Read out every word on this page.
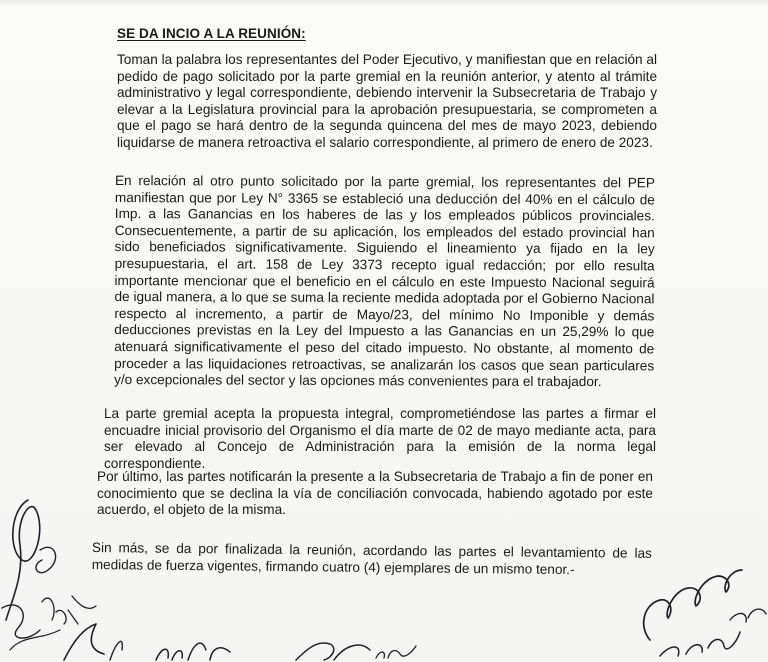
SE DA INCIO A LA REUNIÓN:

Toman la palabra los representantes del Poder Ejecutivo, y manifiestan que en relación al pedido de pago solicitado por la parte gremial en la reunión anterior, y atento al trámite administrativo y legal correspondiente, debiendo intervenir la Subsecretaria de Trabajo y elevar a la Legislatura provincial para la aprobación presupuestaria, se comprometen a que el pago se hará dentro de la segunda quincena del mes de mayo 2023, debiendo liquidarse de manera retroactiva el salario correspondiente, al primero de enero de 2023.

En relación al otro punto solicitado por la parte gremial, los representantes del PEP manifiestan que por Ley N° 3365 se estableció una deducción del 40% en el cálculo de Imp. a las Ganancias en los haberes de las y los empleados públicos provinciales. Consecuentemente, a partir de su aplicación, los empleados del estado provincial han sido beneficiados significativamente. Siguiendo el lineamiento ya fijado en la ley presupuestaria, el art. 158 de Ley 3373 recepto igual redacción; por ello resulta importante mencionar que el beneficio en el cálculo en este Impuesto Nacional seguirá de igual manera, a lo que se suma la reciente medida adoptada por el Gobierno Nacional respecto al incremento, a partir de Mayo/23, del mínimo No Imponible y demás deducciones previstas en la Ley del Impuesto a las Ganancias en un 25,29% lo que atenuará significativamente el peso del citado impuesto. No obstante, al momento de proceder a las liquidaciones retroactivas, se analizarán los casos que sean particulares y/o excepcionales del sector y las opciones más convenientes para el trabajador.

La parte gremial acepta la propuesta integral, comprometiéndose las partes a firmar el encuadre inicial provisorio del Organismo el día marte de 02 de mayo mediante acta, para ser elevado al Concejo de Administración para la emisión de la norma legal correspondiente.

Por último, las partes notificarán la presente a la Subsecretaria de Trabajo a fin de poner en conocimiento que se declina la vía de conciliación convocada, habiendo agotado por este acuerdo, el objeto de la misma.

Sin más, se da por finalizada la reunión, acordando las partes el levantamiento de las medidas de fuerza vigentes, firmando cuatro (4) ejemplares de un mismo tenor.-
